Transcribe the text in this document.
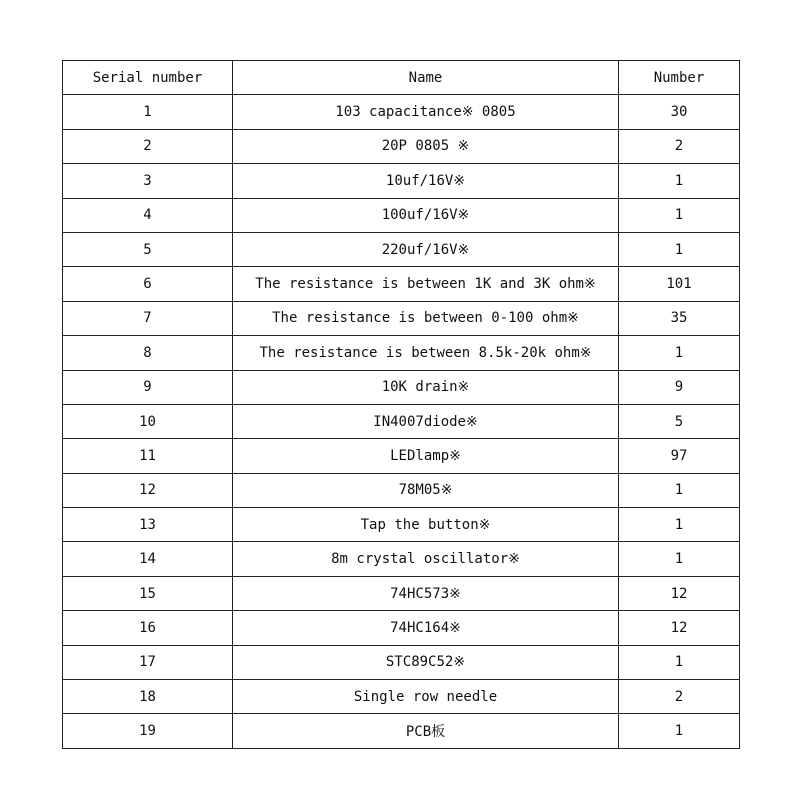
Serial number	Name	Number
1	103 capacitance※ 0805	30
2	20P 0805 ※	2
3	10uf/16V※	1
4	100uf/16V※	1
5	220uf/16V※	1
6	The resistance is between 1K and 3K ohm※	101
7	The resistance is between 0-100 ohm※	35
8	The resistance is between 8.5k-20k ohm※	1
9	10K drain※	9
10	IN4007diode※	5
11	LEDlamp※	97
12	78M05※	1
13	Tap the button※	1
14	8m crystal oscillator※	1
15	74HC573※	12
16	74HC164※	12
17	STC89C52※	1
18	Single row needle	2
19	PCB板	1
